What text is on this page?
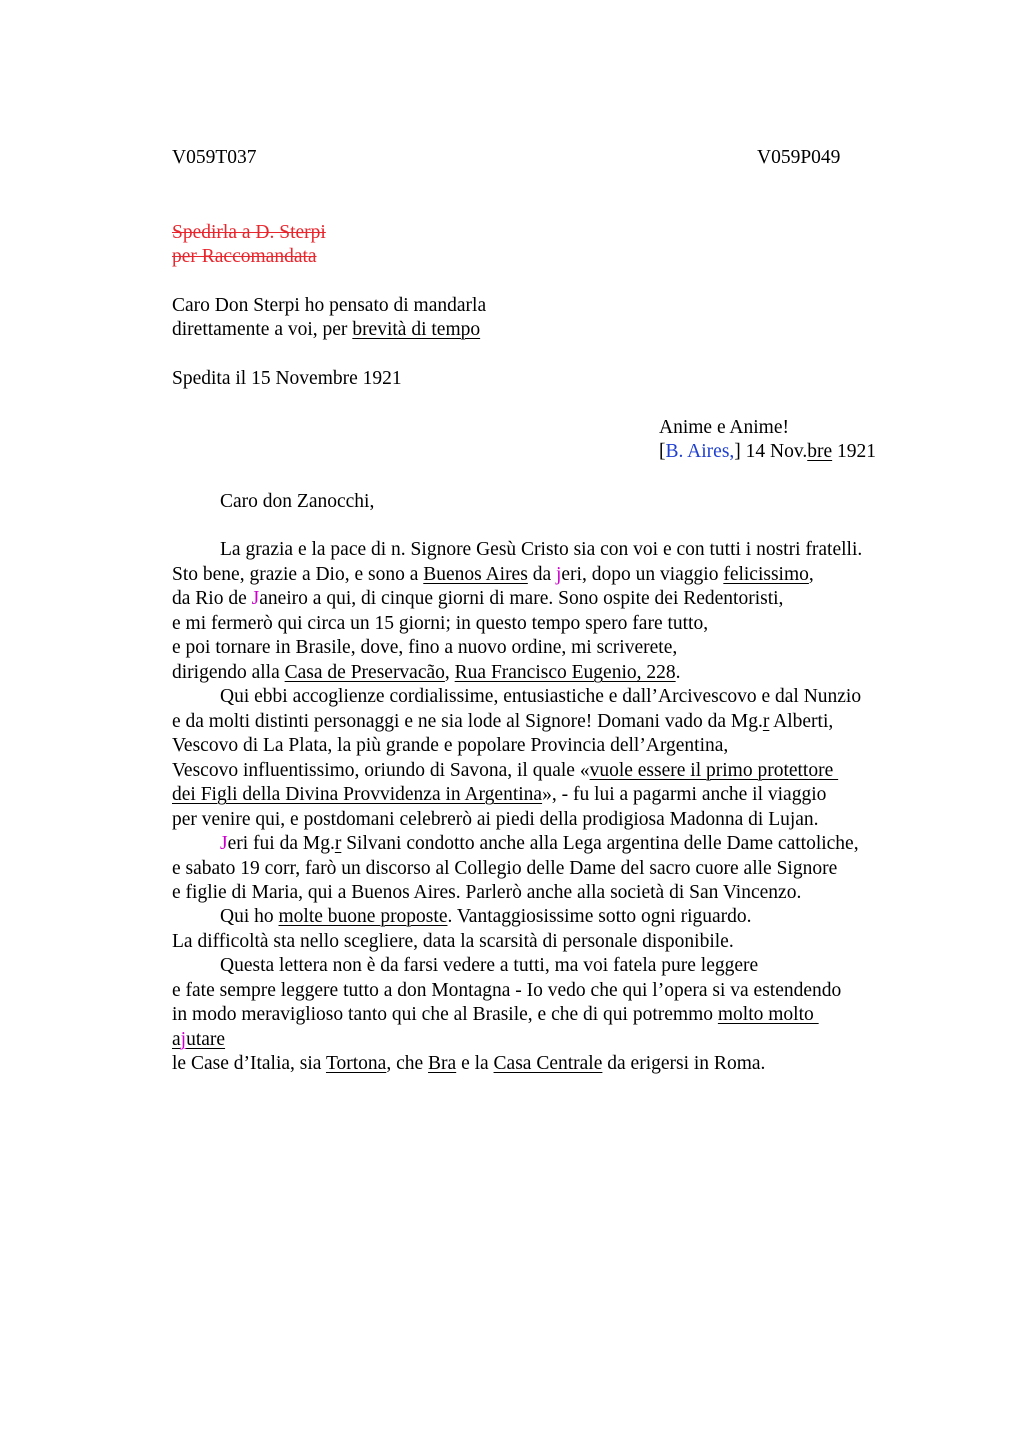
V059T037	V059P049
Spedirla a D. Sterpi
per Raccomandata
Caro Don Sterpi ho pensato di mandarla
direttamente a voi, per brevità di tempo
Spedita il 15 Novembre 1921
Anime e Anime!
[B. Aires,] 14 Nov.bre 1921
Caro don Zanocchi,
La grazia e la pace di n. Signore Gesù Cristo sia con voi e con tutti i nostri fratelli.
Sto bene, grazie a Dio, e sono a Buenos Aires da jeri, dopo un viaggio felicissimo,
da Rio de Janeiro a qui, di cinque giorni di mare. Sono ospite dei Redentoristi,
e mi fermerò qui circa un 15 giorni; in questo tempo spero fare tutto,
e poi tornare in Brasile, dove, fino a nuovo ordine, mi scriverete,
dirigendo alla Casa de Preservacão, Rua Francisco Eugenio, 228.
Qui ebbi accoglienze cordialissime, entusiastiche e dall’Arcivescovo e dal Nunzio
e da molti distinti personaggi e ne sia lode al Signore! Domani vado da Mg.r Alberti,
Vescovo di La Plata, la più grande e popolare Provincia dell’Argentina,
Vescovo influentissimo, oriundo di Savona, il quale «vuole essere il primo protettore
dei Figli della Divina Provvidenza in Argentina», - fu lui a pagarmi anche il viaggio
per venire qui, e postdomani celebrerò ai piedi della prodigiosa Madonna di Lujan.
Jeri fui da Mg.r Silvani condotto anche alla Lega argentina delle Dame cattoliche,
e sabato 19 corr, farò un discorso al Collegio delle Dame del sacro cuore alle Signore
e figlie di Maria, qui a Buenos Aires. Parlerò anche alla società di San Vincenzo.
Qui ho molte buone proposte. Vantaggiosissime sotto ogni riguardo.
La difficoltà sta nello scegliere, data la scarsità di personale disponibile.
Questa lettera non è da farsi vedere a tutti, ma voi fatela pure leggere
e fate sempre leggere tutto a don Montagna - Io vedo che qui l’opera si va estendendo
in modo meraviglioso tanto qui che al Brasile, e che di qui potremmo molto molto
ajutare
le Case d’Italia, sia Tortona, che Bra e la Casa Centrale da erigersi in Roma.
